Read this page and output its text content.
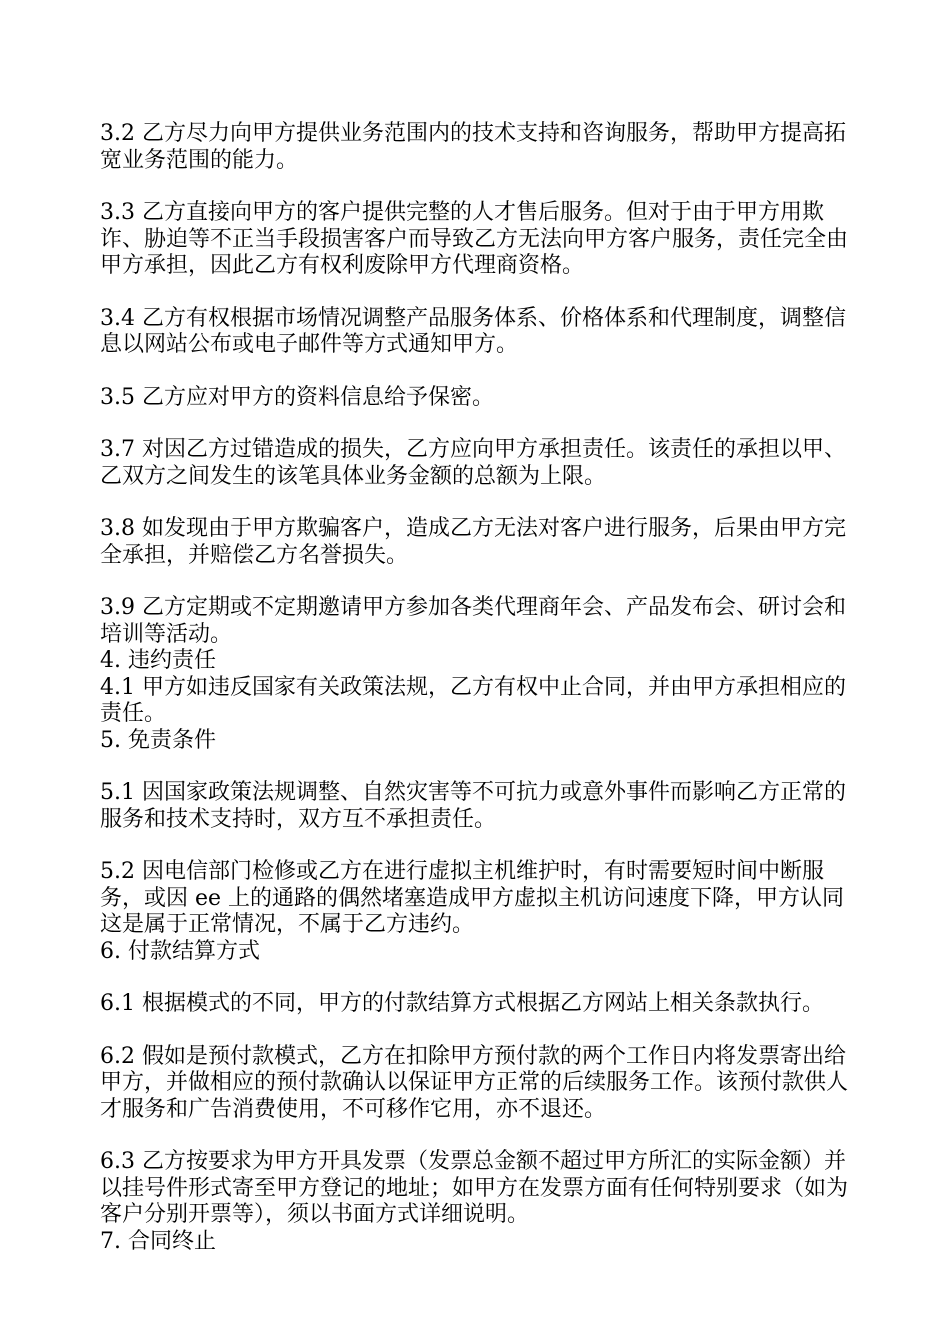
3.2 乙方尽力向甲方提供业务范围内的技术支持和咨询服务，帮助甲方提高拓宽业务范围的能力。

3.3 乙方直接向甲方的客户提供完整的人才售后服务。但对于由于甲方用欺诈、胁迫等不正当手段损害客户而导致乙方无法向甲方客户服务，责任完全由甲方承担，因此乙方有权利废除甲方代理商资格。

3.4 乙方有权根据市场情况调整产品服务体系、价格体系和代理制度，调整信息以网站公布或电子邮件等方式通知甲方。

3.5 乙方应对甲方的资料信息给予保密。

3.7 对因乙方过错造成的损失，乙方应向甲方承担责任。该责任的承担以甲、乙双方之间发生的该笔具体业务金额的总额为上限。

3.8 如发现由于甲方欺骗客户，造成乙方无法对客户进行服务，后果由甲方完全承担，并赔偿乙方名誉损失。

3.9 乙方定期或不定期邀请甲方参加各类代理商年会、产品发布会、研讨会和培训等活动。

4. 违约责任

4.1 甲方如违反国家有关政策法规，乙方有权中止合同，并由甲方承担相应的责任。

5. 免责条件

5.1 因国家政策法规调整、自然灾害等不可抗力或意外事件而影响乙方正常的服务和技术支持时，双方互不承担责任。

5.2 因电信部门检修或乙方在进行虚拟主机维护时，有时需要短时间中断服务，或因 ee 上的通路的偶然堵塞造成甲方虚拟主机访问速度下降，甲方认同这是属于正常情况，不属于乙方违约。

6. 付款结算方式

6.1 根据模式的不同，甲方的付款结算方式根据乙方网站上相关条款执行。

6.2 假如是预付款模式，乙方在扣除甲方预付款的两个工作日内将发票寄出给甲方，并做相应的预付款确认以保证甲方正常的后续服务工作。该预付款供人才服务和广告消费使用，不可移作它用，亦不退还。

6.3 乙方按要求为甲方开具发票（发票总金额不超过甲方所汇的实际金额）并以挂号件形式寄至甲方登记的地址；如甲方在发票方面有任何特别要求（如为客户分别开票等），须以书面方式详细说明。

7. 合同终止
